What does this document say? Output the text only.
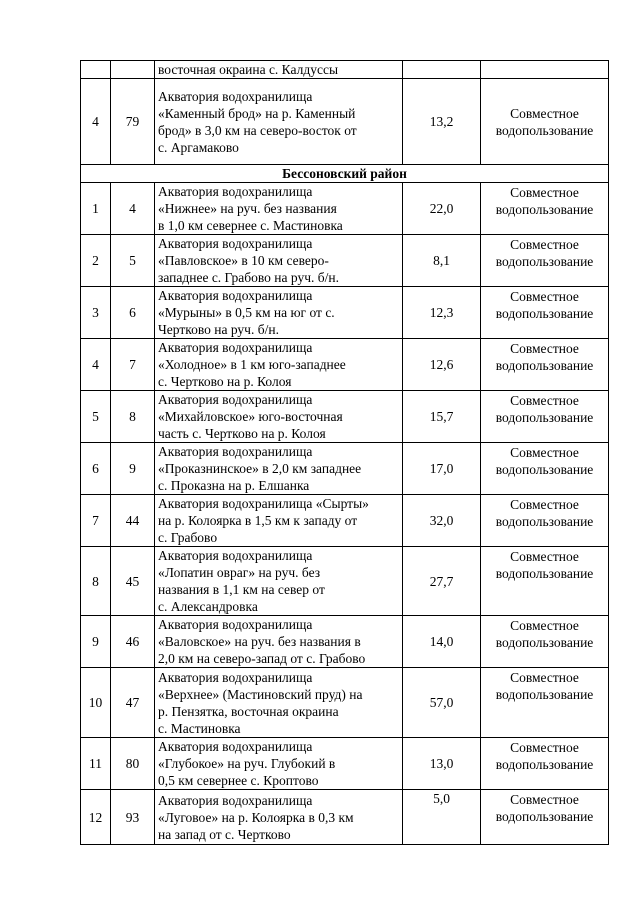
		восточная окраина с. Калдуссы		
4	79	Акватория водохранилища
«Каменный брод» на р. Каменный
брод» в 3,0 км на северо-восток от
с. Аргамаково	13,2	Совместное водопользование
Бессоновский район				
1	4	Акватория водохранилища
«Нижнее» на руч. без названия
в 1,0 км севернее с. Мастиновка	22,0	Совместное водопользование
2	5	Акватория водохранилища
«Павловское» в 10 км северо-
западнее с. Грабово на руч. б/н.	8,1	Совместное водопользование
3	6	Акватория водохранилища
«Мурыны» в 0,5 км на юг от с.
Чертково на руч. б/н.	12,3	Совместное водопользование
4	7	Акватория водохранилища
«Холодное» в 1 км юго-западнее
с. Чертково на р. Колоя	12,6	Совместное водопользование
5	8	Акватория водохранилища
«Михайловское» юго-восточная
часть с. Чертково на р. Колоя	15,7	Совместное водопользование
6	9	Акватория водохранилища
«Проказнинское» в 2,0 км западнее
с. Проказна на р. Елшанка	17,0	Совместное водопользование
7	44	Акватория водохранилища «Сырты»
на р. Колоярка в 1,5 км к западу от
с. Грабово	32,0	Совместное водопользование
8	45	Акватория водохранилища
«Лопатин овраг» на руч. без
названия в 1,1 км на север от
с. Александровка	27,7	Совместное водопользование
9	46	Акватория водохранилища
«Валовское» на руч. без названия в
2,0 км на северо-запад от с. Грабово	14,0	Совместное водопользование
10	47	Акватория водохранилища
«Верхнее» (Мастиновский пруд) на
р. Пензятка, восточная окраина
с. Мастиновка	57,0	Совместное водопользование
11	80	Акватория водохранилища
«Глубокое» на руч. Глубокий в
0,5 км севернее с. Кроптово	13,0	Совместное водопользование
12	93	Акватория водохранилища
«Луговое» на р. Колоярка в 0,3 км
на запад от с. Чертково	5,0	Совместное водопользование
